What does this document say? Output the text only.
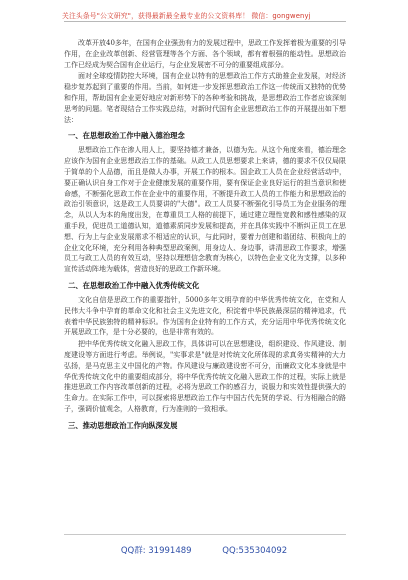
关注头条号"公文研究"，获得最新最全最专业的公文资料库！ 微信：gongwenyj

改革开放40多年，在国有企业强劲有力的发展过程中，思政工作发挥着极为重要的引导作用，在企业改革创新、经营管理等各个方面、各个领域，都有着根强的能动性。思想政治工作已经成为契合国有企业运行，与企业发展密不可分的重要组成部分。

面对全球疫情防控大环境，国有企业以特有的思想政治工作方式助推企业发展，对经济稳步复苏起到了重要的作用。当前，如何进一步发挥思想政治工作这一传统而又独特的优势和作用，帮助国有企业更好地应对新形势下的各种考验和挑战，是思想政治工作者应该深刻思考的问题。笔者现结合工作实践总结，对新时代国有企业思想政治工作的开展提出如下想法：

一、在思想政治工作中融入德治理念

思想政治工作在渗人用人上，要坚持德才兼备，以德为先。从这个角度来看，德治理念应该作为国有企业思想政治工作的基础。从政工人员思想要求上来讲，德的要求不仅仅局限于简单的个人品德，而且是做人办事，开展工作的根本。国企政工人员在企业经营活动中，要正确认识自身工作对于企业健康发展的重要作用，要有保证企业良好运行的担当意识和使命感，不断强化思政工作在企业中的重要作用，不断提升政工人员的工作能力和思想政治的政治引领意识，这是政工人员要讲的"大德"。政工人员要不断强化引导员工为企业服务的理念，从以人为本的角度出发，在尊重员工人格的前提下，通过建立理性宽教和感性感染的双重手段，促进员工道德认知，道德素质同步发展和提高，并在具体实践中不断纠正员工在思想、行为上与企业发展需求不相适应的认识，与此同时，要着力创建和谐团结、积极向上的企业文化环境，充分利用各种典型思政案例，用身边人、身边事，讲清思政工作要求，增强员工与政工人员的有效互动，坚持以理想信念教育为核心，以特色企业文化为支撑，以多种宣传活动阵地为载体，营造良好的思政工作新环境。

二、在思想政治工作中融入优秀传统文化

文化自信是思政工作的重要指针，5000多年文明孕育的中华优秀传统文化，在党和人民伟大斗争中孕育的革命文化和社会主义先进文化，积淀着中华民族最深层的精神追求，代表着中华民族独特的精神标识。作为国有企业特有的工作方式，充分运用中华优秀传统文化开展思政工作，是十分必要的，也是非常有效的。

把中华优秀传统文化融入思政工作，具体讲可以在思想建设，组织建设、作风建设、制度建设等方面进行考虑。举例说，"实事求是"就是对传统文化所体现的求真务实精神的大力弘扬，是马克思主义中国化的产物。作风建设与廉政建设密不可分，而廉政文化本身就是中华优秀传统文化中的重要组成部分，将中华优秀传统文化融入思政工作的过程，实际上就是推进思政工作内容改革创新的过程，必将为思政工作的感召力，说服力和实效性提供强大的生命力。在实际工作中，可以探索将思想政治工作与中国古代先贤的学说、行为相融合的路子，强调价值观念，人格教育，行为准则的一致相承。

三、推动思想政治工作向纵深发展
QQ群: 31991489	QQ:535304092
